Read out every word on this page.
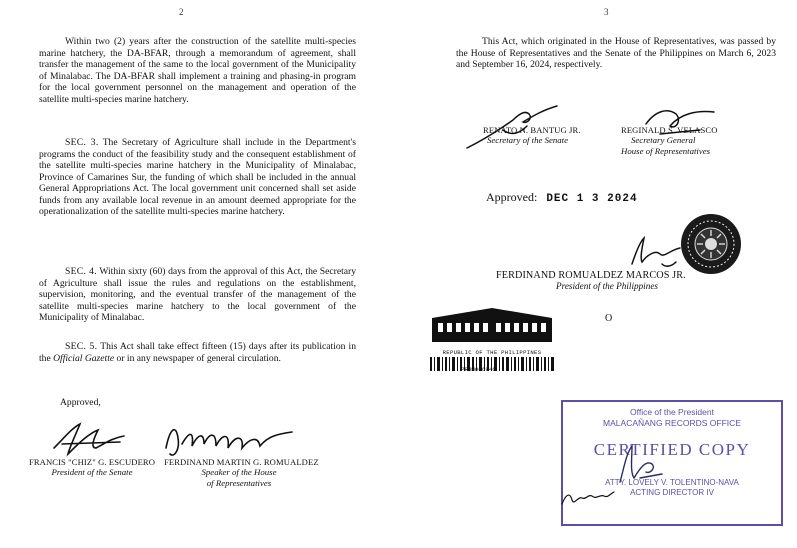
2

Within two (2) years after the construction of the satellite multi-species marine hatchery, the DA-BFAR, through a memorandum of agreement, shall transfer the management of the same to the local government of the Municipality of Minalabac. The DA-BFAR shall implement a training and phasing-in program for the local government personnel on the management and operation of the satellite multi-species marine hatchery.

SEC. 3. The Secretary of Agriculture shall include in the Department's programs the conduct of the feasibility study and the consequent establishment of the satellite multi-species marine hatchery in the Municipality of Minalabac, Province of Camarines Sur, the funding of which shall be included in the annual General Appropriations Act. The local government unit concerned shall set aside funds from any available local revenue in an amount deemed appropriate for the operationalization of the satellite multi-species marine hatchery.

SEC. 4. Within sixty (60) days from the approval of this Act, the Secretary of Agriculture shall issue the rules and regulations on the establishment, supervision, monitoring, and the eventual transfer of the management of the satellite multi-species marine hatchery to the local government of the Municipality of Minalabac.

SEC. 5. This Act shall take effect fifteen (15) days after its publication in the Official Gazette or in any newspaper of general circulation.

Approved,
FRANCIS "CHIZ" G. ESCUDERO
President of the Senate
FERDINAND MARTIN G. ROMUALDEZ
Speaker of the House
of Representatives
3

This Act, which originated in the House of Representatives, was passed by the House of Representatives and the Senate of the Philippines on March 6, 2023 and September 16, 2024, respectively.

RENATO N. BANTUG JR.
Secretary of the Senate
REGINALD S. VELASCO
Secretary General
House of Representatives
Approved: DEC 1 3 2024
FERDINAND ROMUALDEZ MARCOS JR.
President of the Philippines
O
REPUBLIC OF THE PHILIPPINES
PRRM006946
Office of the President
MALACAÑANG RECORDS OFFICE
CERTIFIED COPY
ATTY. LOVELY V. TOLENTINO-NAVA
ACTING DIRECTOR IV
